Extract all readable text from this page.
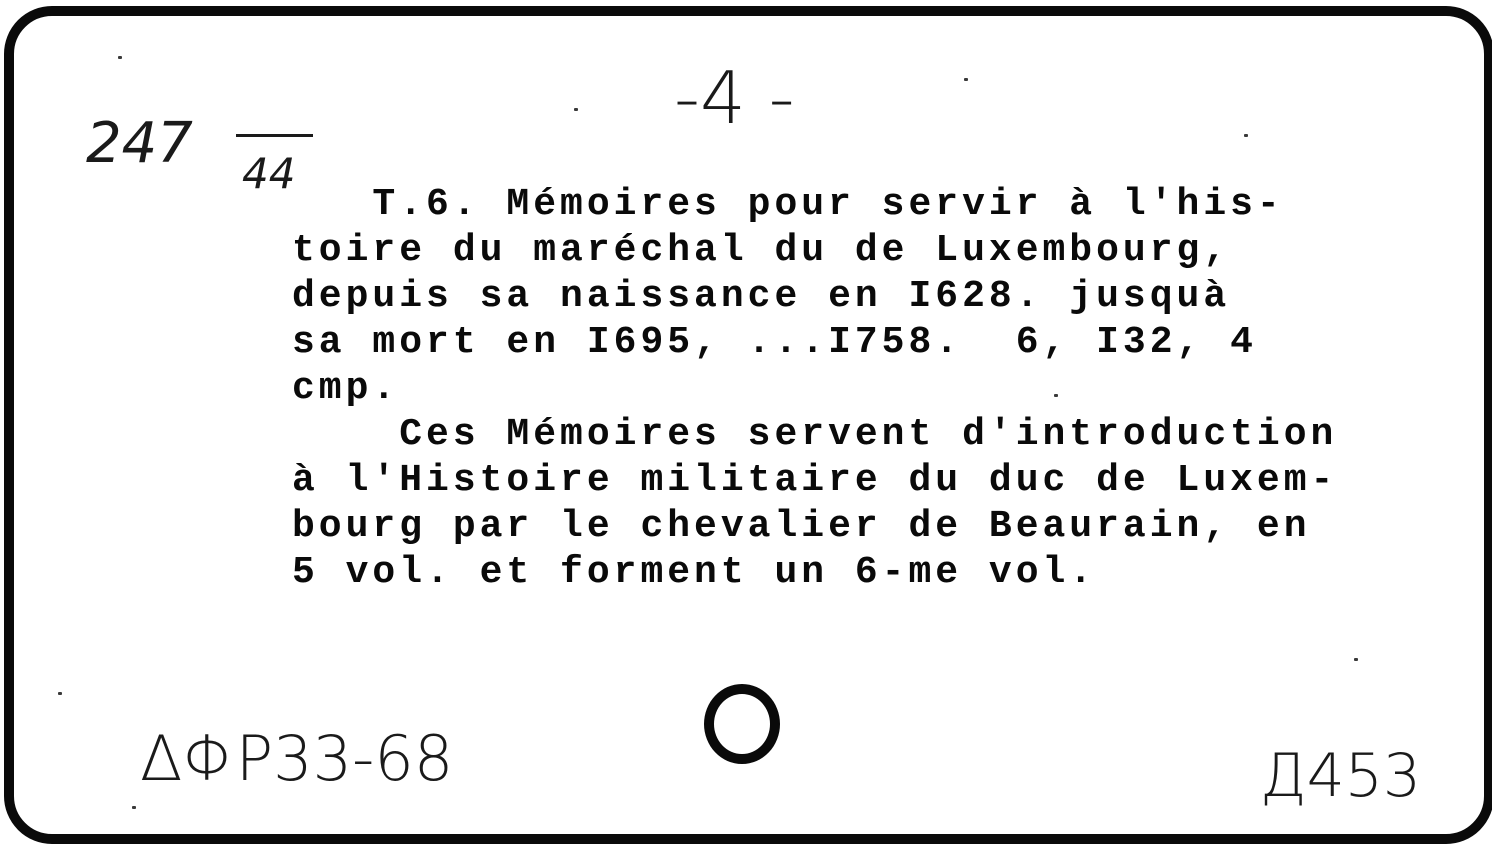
-4 -
247 44
T.6. Mémoires pour servir à l'his-
toire du maréchal du de Luxembourg,
depuis sa naissance en I628. jusquà
sa mort en I695, ...I758.  6, I32, 4
cmp.
Ces Mémoires servent d'introduction
à l'Histoire militaire du duc de Luxem-
bourg par le chevalier de Beaurain, en
5 vol. et forment un 6-me vol.
ΔΦP33-68	Д453
